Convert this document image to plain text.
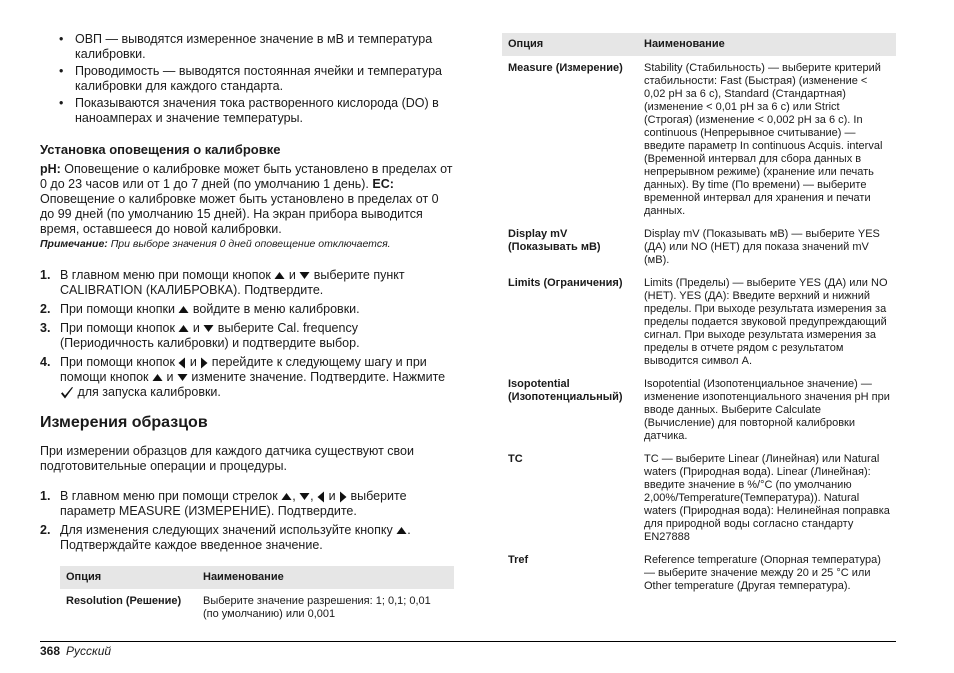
• ОВП — выводятся измеренное значение в мВ и температура калибровки.
• Проводимость — выводятся постоянная ячейки и температура калибровки для каждого стандарта.
• Показываются значения тока растворенного кислорода (DO) в наноамперах и значение температуры.
Установка оповещения о калибровке

pH: Оповещение о калибровке может быть установлено в пределах от 0 до 23 часов или от 1 до 7 дней (по умолчанию 1 день). EC: Оповещение о калибровке может быть установлено в пределах от 0 до 99 дней (по умолчанию 15 дней). На экран прибора выводится время, оставшееся до новой калибровки.

Примечание: При выборе значения 0 дней оповещение отключается.

1. В главном меню при помощи кнопок  и  выберите пункт CALIBRATION (КАЛИБРОВКА). Подтвердите.
2. При помощи кнопки  войдите в меню калибровки.
3. При помощи кнопок  и  выберите Cal. frequency (Периодичность калибровки) и подтвердите выбор.
4. При помощи кнопок  и  перейдите к следующему шагу и при помощи кнопок  и  измените значение. Подтвердите. Нажмите  для запуска калибровки.
Измерения образцов

При измерении образцов для каждого датчика существуют свои подготовительные операции и процедуры.

1. В главном меню при помощи стрелок , ,  и  выберите параметр MEASURE (ИЗМЕРЕНИЕ). Подтвердите.
2. Для изменения следующих значений используйте кнопку . Подтверждайте каждое введенное значение.
Опция	Наименование
Resolution (Решение)	Выберите значение разрешения: 1; 0,1; 0,01 (по умолчанию) или 0,001
Опция	Наименование
Measure (Измерение)	Stability (Стабильность) — выберите критерий стабильности: Fast (Быстрая) (изменение < 0,02 pH за 6 с), Standard (Стандартная) (изменение < 0,01 pH за 6 с) или Strict (Строгая) (изменение < 0,002 pH за 6 с). In continuous (Непрерывное считывание) — введите параметр In continuous Acquis. interval (Временной интервал для сбора данных в непрерывном режиме) (хранение или печать данных). By time (По времени) — выберите временной интервал для хранения и печати данных.
Display mV (Показывать мВ)	Display mV (Показывать мВ) — выберите YES (ДА) или NO (НЕТ) для показа значений mV (мВ).
Limits (Ограничения)	Limits (Пределы) — выберите YES (ДА) или NO (НЕТ). YES (ДА): Введите верхний и нижний пределы. При выходе результата измерения за пределы подается звуковой предупреждающий сигнал. При выходе результата измерения за пределы в отчете рядом с результатом выводится символ A.
Isopotential (Изопотенциальный)	Isopotential (Изопотенциальное значение) — изменение изопотенциального значения pH при вводе данных. Выберите Calculate (Вычисление) для повторной калибровки датчика.
TC	TC — выберите Linear (Линейная) или Natural waters (Природная вода). Linear (Линейная): введите значение в %/°C (по умолчанию 2,00%/Temperature(Температура)). Natural waters (Природная вода): Нелинейная поправка для природной воды согласно стандарту EN27888
Tref	Reference temperature (Опорная температура) — выберите значение между 20 и 25 °C или Other temperature (Другая температура).
368 Русский
